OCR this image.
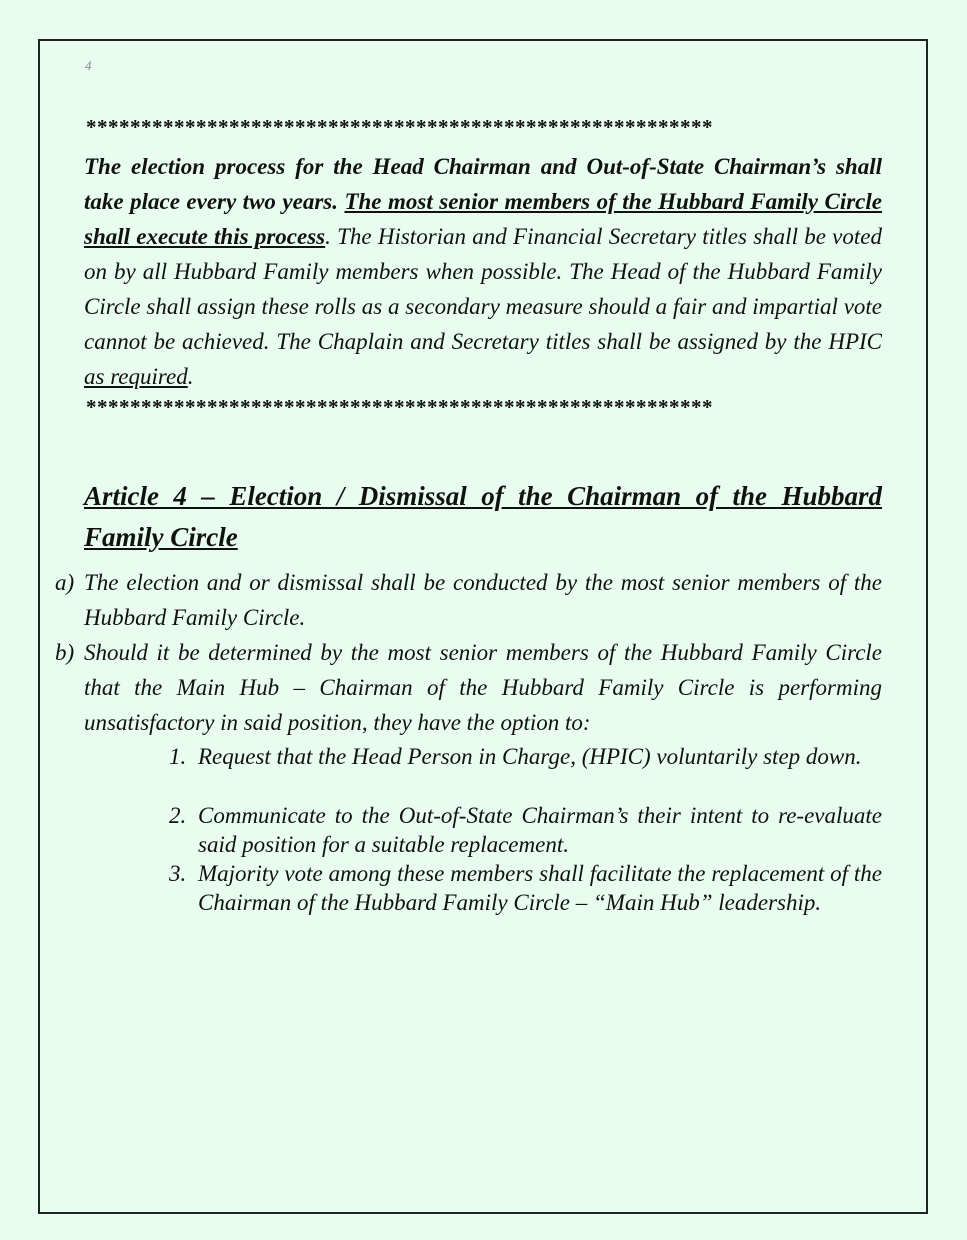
4
*********************************************************
The election process for the Head Chairman and Out-of-State Chairman’s shall take place every two years. The most senior members of the Hubbard Family Circle shall execute this process. The Historian and Financial Secretary titles shall be voted on by all Hubbard Family members when possible. The Head of the Hubbard Family Circle shall assign these rolls as a secondary measure should a fair and impartial vote cannot be achieved. The Chaplain and Secretary titles shall be assigned by the HPIC as required.
*********************************************************
Article 4 – Election / Dismissal of the Chairman of the Hubbard Family Circle
a) The election and or dismissal shall be conducted by the most senior members of the Hubbard Family Circle.
b) Should it be determined by the most senior members of the Hubbard Family Circle that the Main Hub – Chairman of the Hubbard Family Circle is performing unsatisfactory in said position, they have the option to:
1. Request that the Head Person in Charge, (HPIC) voluntarily step down.
2. Communicate to the Out-of-State Chairman’s their intent to re-evaluate said position for a suitable replacement.
3. Majority vote among these members shall facilitate the replacement of the Chairman of the Hubbard Family Circle – “Main Hub” leadership.
